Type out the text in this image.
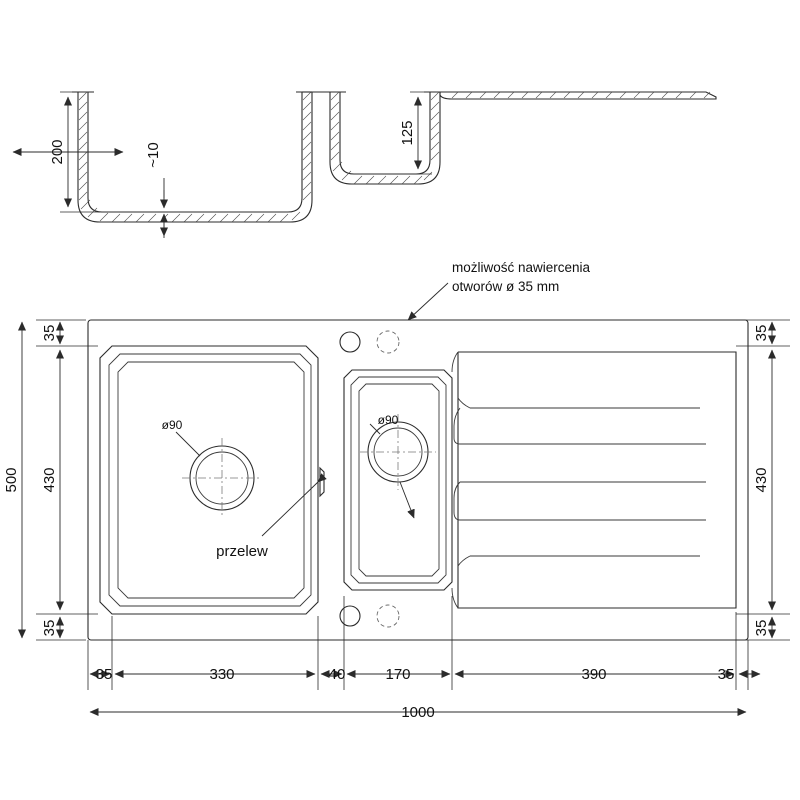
200	~10
125
możliwość nawiercenia
otworów ø 35 mm
ø90
przelew
ø90
35
430
35
500
35
430
35
35	330	40	170	390	35
1000
